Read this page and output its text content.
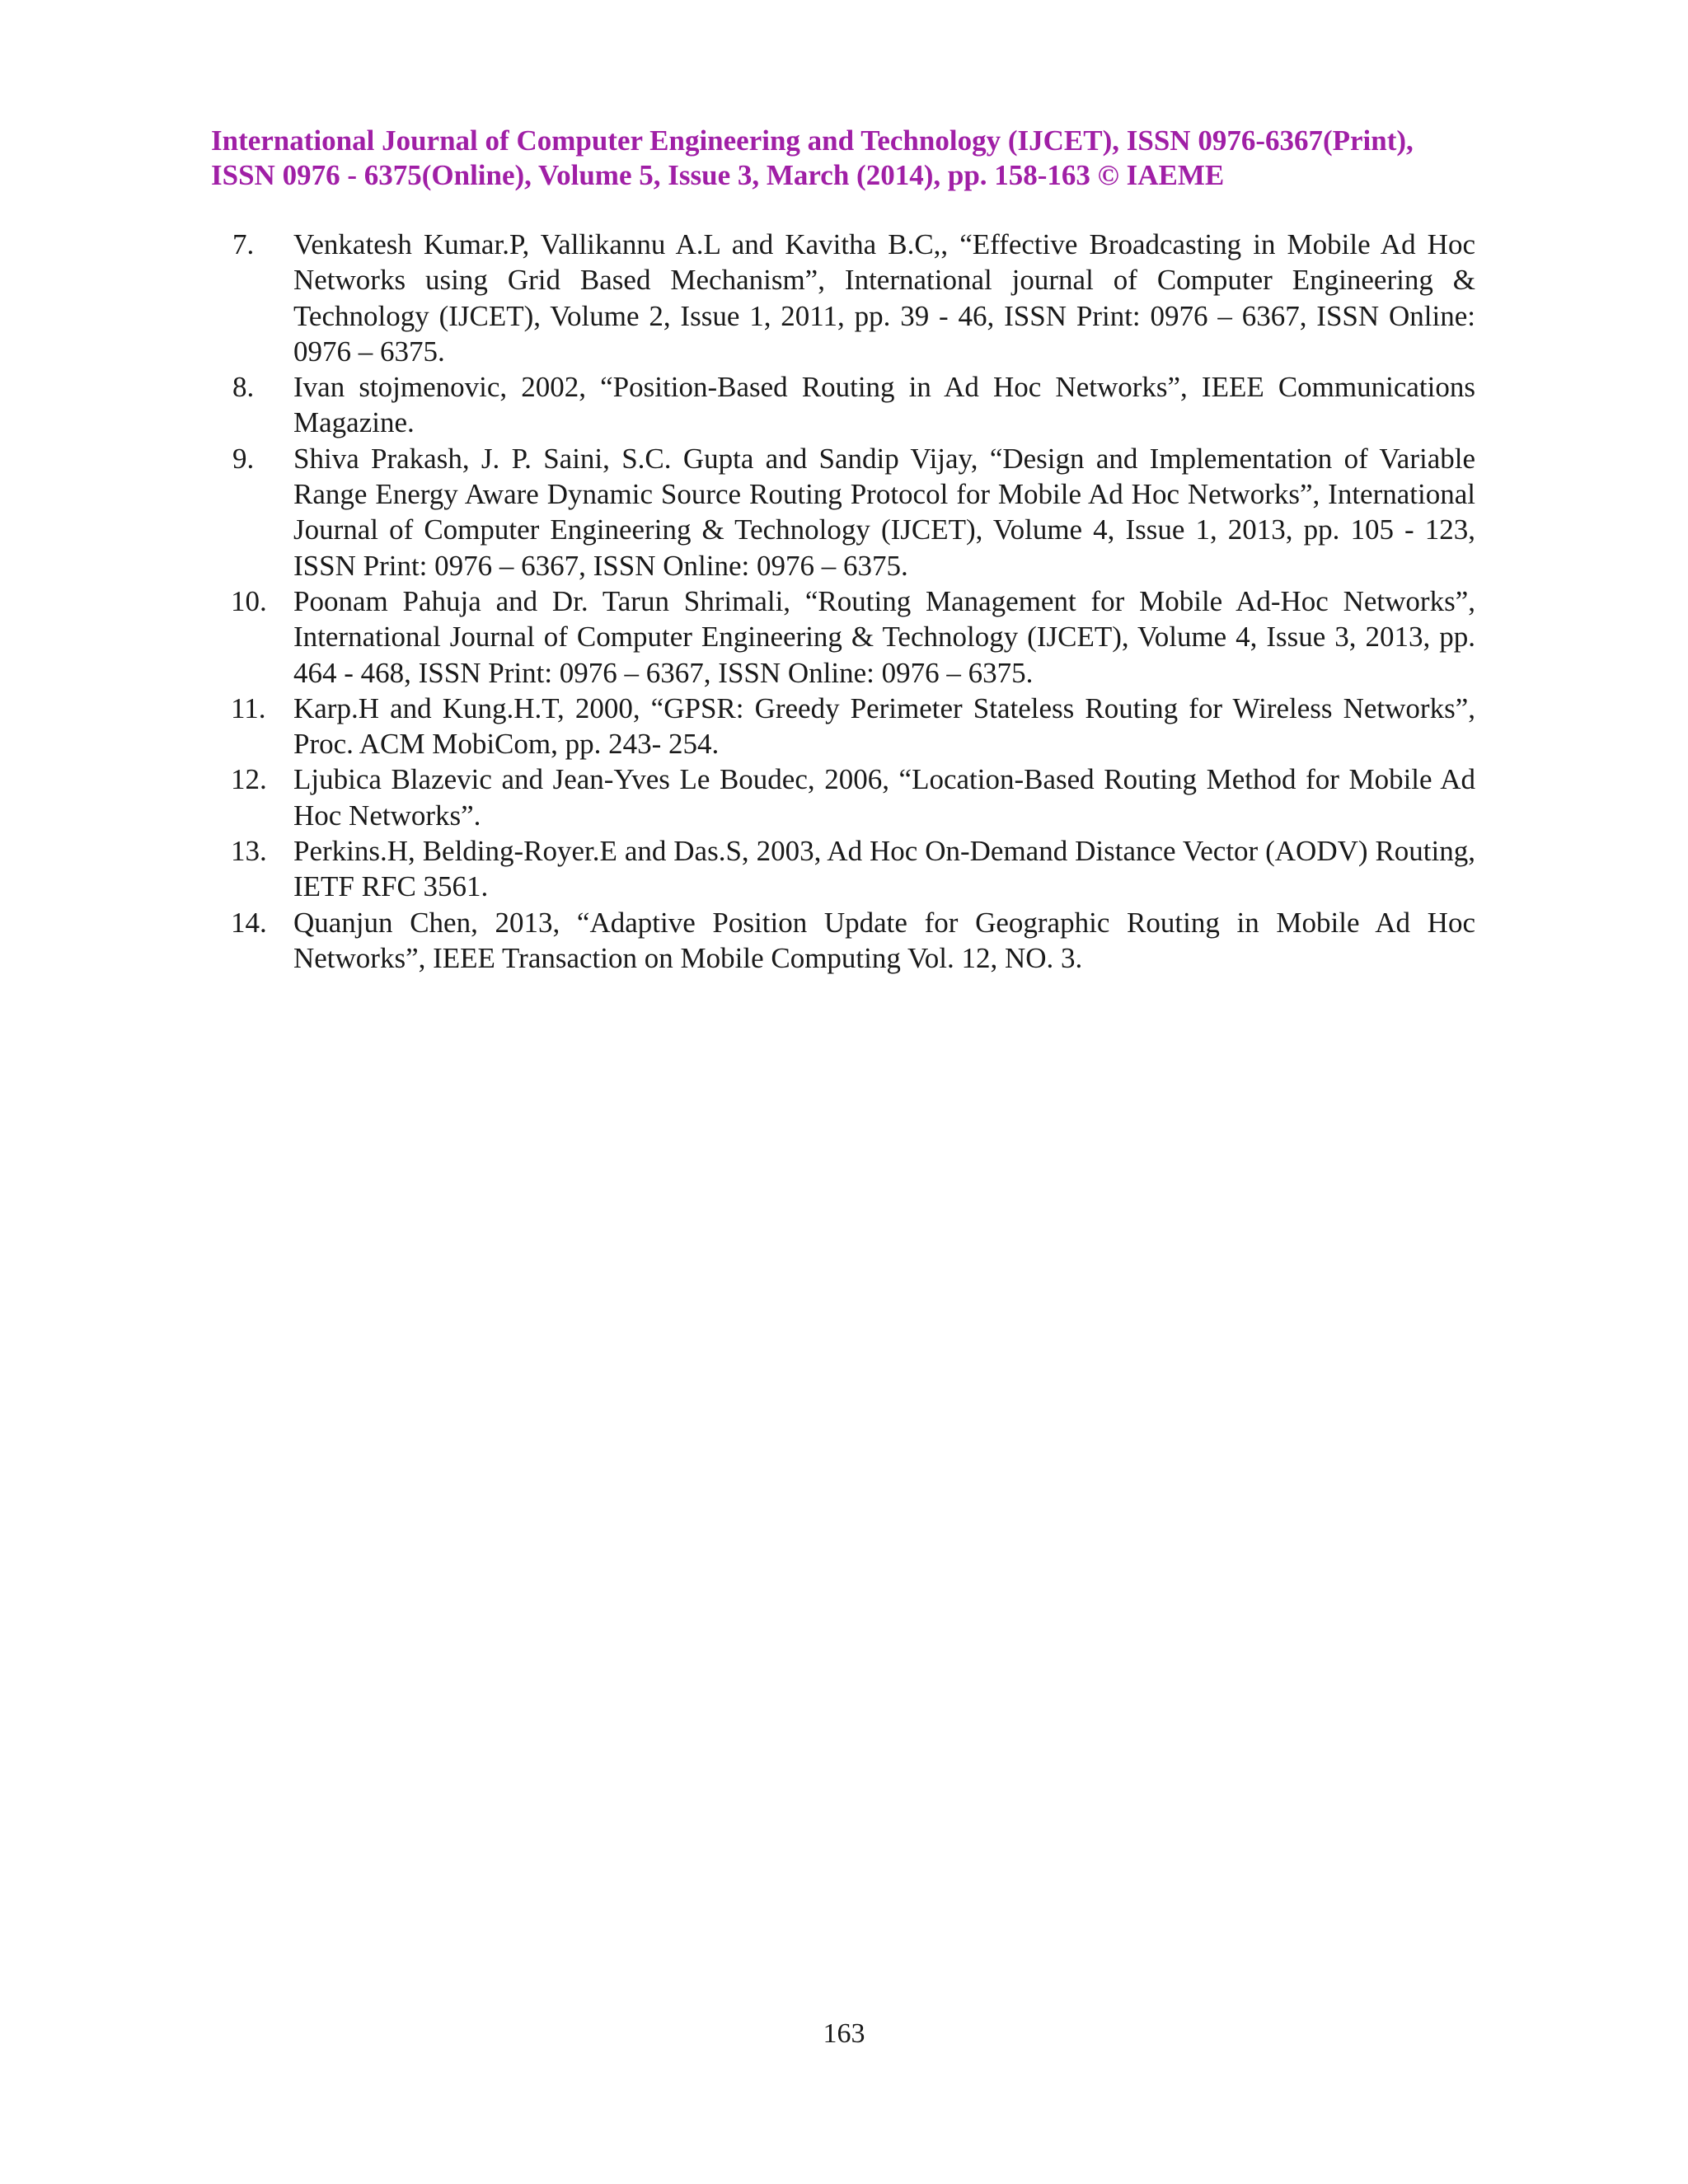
International Journal of Computer Engineering and Technology (IJCET), ISSN 0976-6367(Print),
ISSN 0976 - 6375(Online), Volume 5, Issue 3, March (2014), pp. 158-163 © IAEME
7.	Venkatesh Kumar.P, Vallikannu A.L and Kavitha B.C,, “Effective Broadcasting in Mobile Ad Hoc Networks using Grid Based Mechanism”, International journal of Computer Engineering & Technology (IJCET), Volume 2, Issue 1, 2011, pp. 39 - 46, ISSN Print: 0976 – 6367, ISSN Online: 0976 – 6375.
8.	Ivan stojmenovic, 2002, “Position-Based Routing in Ad Hoc Networks”, IEEE Communications Magazine.
9.	Shiva Prakash, J. P. Saini, S.C. Gupta and Sandip Vijay, “Design and Implementation of Variable Range Energy Aware Dynamic Source Routing Protocol for Mobile Ad Hoc Networks”, International Journal of Computer Engineering & Technology (IJCET), Volume 4, Issue 1, 2013, pp. 105 - 123, ISSN Print: 0976 – 6367, ISSN Online: 0976 – 6375.
10. Poonam Pahuja and Dr. Tarun Shrimali, “Routing Management for Mobile Ad-Hoc Networks”, International Journal of Computer Engineering & Technology (IJCET), Volume 4, Issue 3, 2013, pp. 464 - 468, ISSN Print: 0976 – 6367, ISSN Online: 0976 – 6375.
11. Karp.H and Kung.H.T, 2000, “GPSR: Greedy Perimeter Stateless Routing for Wireless Networks”, Proc. ACM MobiCom, pp. 243- 254.
12. Ljubica Blazevic and Jean-Yves Le Boudec, 2006, “Location-Based Routing Method for Mobile Ad Hoc Networks”.
13. Perkins.H, Belding-Royer.E and Das.S, 2003, Ad Hoc On-Demand Distance Vector (AODV) Routing, IETF RFC 3561.
14. Quanjun Chen, 2013, “Adaptive Position Update for Geographic Routing in Mobile Ad Hoc Networks”, IEEE Transaction on Mobile Computing Vol. 12, NO. 3.
163
